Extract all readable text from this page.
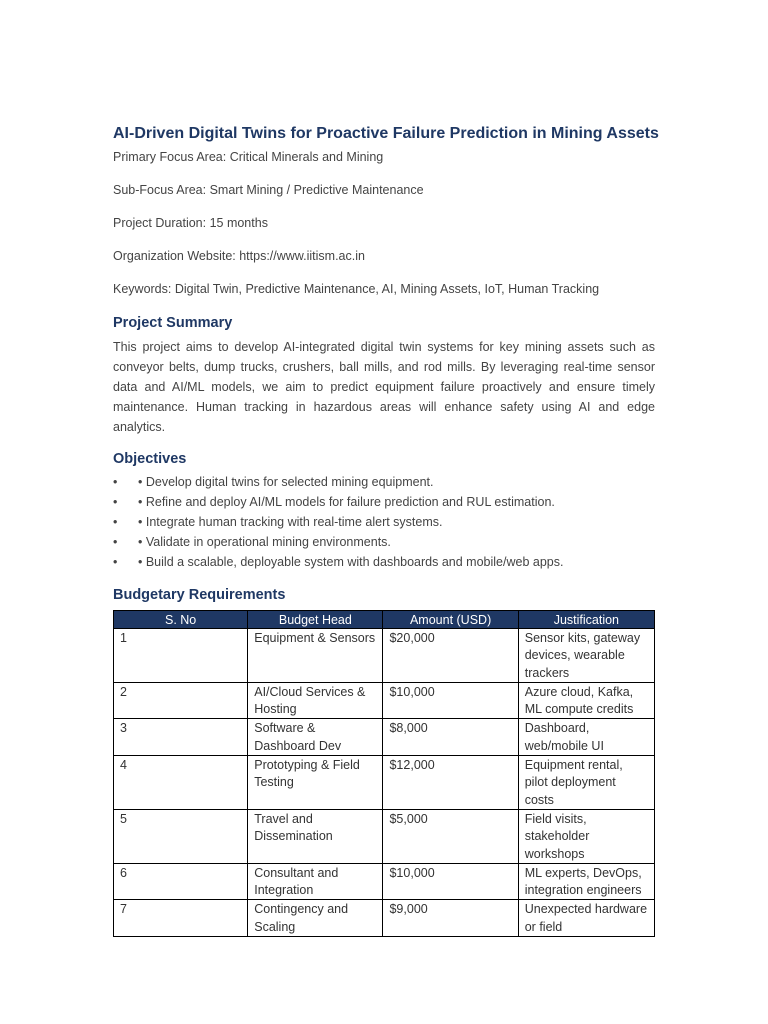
AI-Driven Digital Twins for Proactive Failure Prediction in Mining Assets
Primary Focus Area: Critical Minerals and Mining
Sub-Focus Area: Smart Mining / Predictive Maintenance
Project Duration: 15 months
Organization Website: https://www.iitism.ac.in
Keywords: Digital Twin, Predictive Maintenance, AI, Mining Assets, IoT, Human Tracking
Project Summary
This project aims to develop AI-integrated digital twin systems for key mining assets such as conveyor belts, dump trucks, crushers, ball mills, and rod mills. By leveraging real-time sensor data and AI/ML models, we aim to predict equipment failure proactively and ensure timely maintenance. Human tracking in hazardous areas will enhance safety using AI and edge analytics.
Objectives
• • Develop digital twins for selected mining equipment.
• • Refine and deploy AI/ML models for failure prediction and RUL estimation.
• • Integrate human tracking with real-time alert systems.
• • Validate in operational mining environments.
• • Build a scalable, deployable system with dashboards and mobile/web apps.
Budgetary Requirements
S. No	Budget Head	Amount (USD)	Justification
1	Equipment & Sensors	$20,000	Sensor kits, gateway devices, wearable trackers
2	AI/Cloud Services & Hosting	$10,000	Azure cloud, Kafka, ML compute credits
3	Software & Dashboard Dev	$8,000	Dashboard, web/mobile UI
4	Prototyping & Field Testing	$12,000	Equipment rental, pilot deployment costs
5	Travel and Dissemination	$5,000	Field visits, stakeholder workshops
6	Consultant and Integration	$10,000	ML experts, DevOps, integration engineers
7	Contingency and Scaling	$9,000	Unexpected hardware or field
